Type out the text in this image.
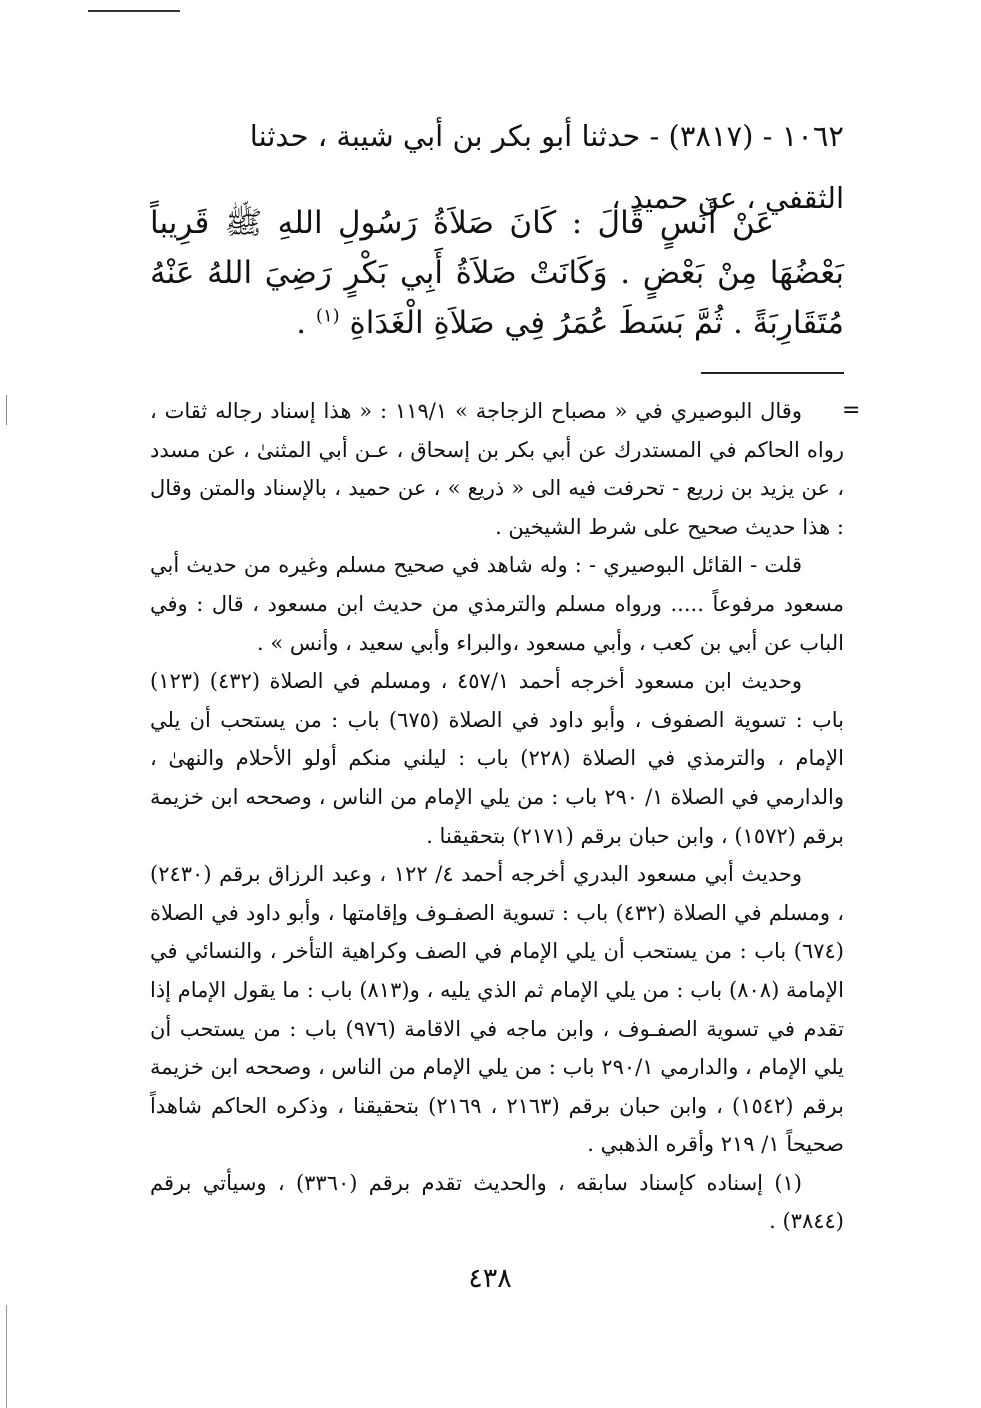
١٠٦٢ - (٣٨١٧) - حدثنا أبو بكر بن أبي شيبة ، حدثنا
الثقفي ، عن حميد ،

عَنْ أَنَسٍ قَالَ : كَانَ صَلاَةُ رَسُولِ اللهِ ﷺ قَرِيباً بَعْضُهَا مِنْ بَعْضٍ . وَكَانَتْ صَلاَةُ أَبِي بَكْرٍ رَضِيَ اللهُ عَنْهُ مُتَقَارِبَةً . ثُمَّ بَسَطَ عُمَرُ فِي صَلاَةِ الْغَدَاةِ $^{(١)}$ .

=

وقال البوصيري في « مصباح الزجاجة » ١١٩/١ : « هذا إسناد رجاله ثقات ، رواه الحاكم في المستدرك عن أبي بكر بن إسحاق ، عـن أبي المثنىٰ ، عن مسدد ، عن يزيد بن زريع - تحرفت فيه الى « ذريع » ، عن حميد ، بالإسناد والمتن وقال : هذا حديث صحيح على شرط الشيخين .

قلت - القائل البوصيري - : وله شاهد في صحيح مسلم وغيره من حديث أبي مسعود مرفوعاً ..... ورواه مسلم والترمذي من حديث ابن مسعود ، قال : وفي الباب عن أبي بن كعب ، وأبي مسعود ،والبراء وأبي سعيد ، وأنس » .

وحديث ابن مسعود أخرجه أحمد ٤٥٧/١ ، ومسلم في الصلاة (٤٣٢) (١٢٣) باب : تسوية الصفوف ، وأبو داود في الصلاة (٦٧٥) باب : من يستحب أن يلي الإمام ، والترمذي في الصلاة (٢٢٨) باب : ليلني منكم أولو الأحلام والنهىٰ ، والدارمي في الصلاة ١/ ٢٩٠ باب : من يلي الإمام من الناس ، وصححه ابن خزيمة برقم (١٥٧٢) ، وابن حبان برقم (٢١٧١) بتحقيقنا .

وحديث أبي مسعود البدري أخرجه أحمد ٤/ ١٢٢ ، وعبد الرزاق برقم (٢٤٣٠) ، ومسلم في الصلاة (٤٣٢) باب : تسوية الصفـوف وإقامتها ، وأبو داود في الصلاة (٦٧٤) باب : من يستحب أن يلي الإمام في الصف وكراهية التأخر ، والنسائي في الإمامة (٨٠٨) باب : من يلي الإمام ثم الذي يليه ، و(٨١٣) باب : ما يقول الإمام إذا تقدم في تسوية الصفـوف ، وابن ماجه في الاقامة (٩٧٦) باب : من يستحب أن يلي الإمام ، والدارمي ٢٩٠/١ باب : من يلي الإمام من الناس ، وصححه ابن خزيمة برقم (١٥٤٢) ، وابن حبان برقم (٢١٦٣ ، ٢١٦٩) بتحقيقنا ، وذكره الحاكم شاهداً صحيحاً ١/ ٢١٩ وأقره الذهبي .

(١) إسناده كإسناد سابقه ، والحديث تقدم برقم (٣٣٦٠) ، وسيأتي برقم (٣٨٤٤) .

٤٣٨
